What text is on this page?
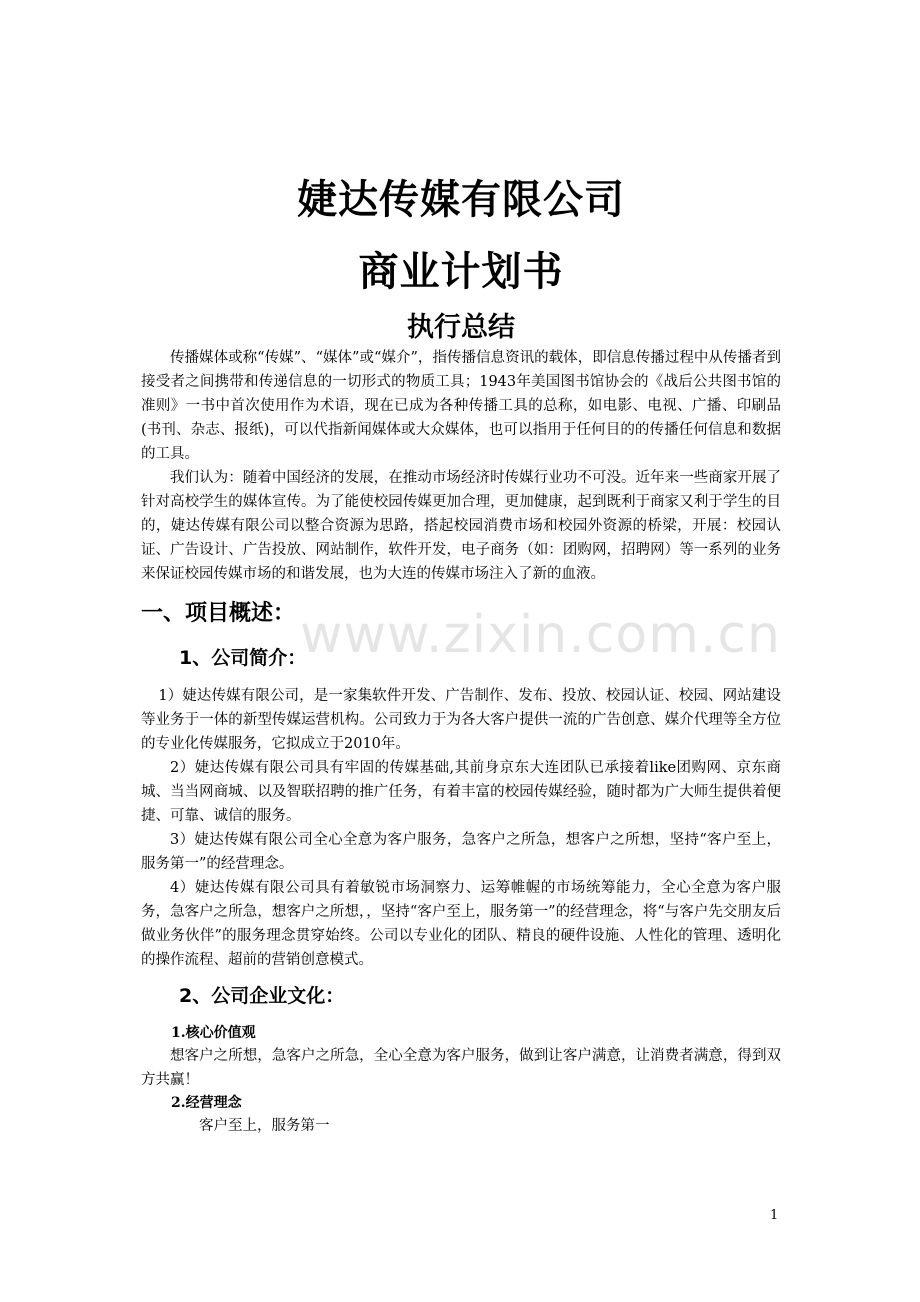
www.zixin.com.cn
婕达传媒有限公司
商业计划书
执行总结

传播媒体或称“传媒”、“媒体”或“媒介”，指传播信息资讯的载体，即信息传播过程中从传播者到接受者之间携带和传递信息的一切形式的物质工具；1943年美国图书馆协会的《战后公共图书馆的准则》一书中首次使用作为术语，现在已成为各种传播工具的总称，如电影、电视、广播、印刷品(书刊、杂志、报纸)，可以代指新闻媒体或大众媒体，也可以指用于任何目的的传播任何信息和数据的工具。

我们认为：随着中国经济的发展，在推动市场经济时传媒行业功不可没。近年来一些商家开展了针对高校学生的媒体宣传。为了能使校园传媒更加合理，更加健康，起到既利于商家又利于学生的目的，婕达传媒有限公司以整合资源为思路，搭起校园消费市场和校园外资源的桥梁，开展：校园认证、广告设计、广告投放、网站制作，软件开发，电子商务（如：团购网，招聘网）等一系列的业务来保证校园传媒市场的和谐发展，也为大连的传媒市场注入了新的血液。

一、项目概述：
1、公司简介：

1）婕达传媒有限公司，是一家集软件开发、广告制作、发布、投放、校园认证、校园、网站建设等业务于一体的新型传媒运营机构。公司致力于为各大客户提供一流的广告创意、媒介代理等全方位的专业化传媒服务，它拟成立于2010年。

2）婕达传媒有限公司具有牢固的传媒基础,其前身京东大连团队已承接着like团购网、京东商城、当当网商城、以及智联招聘的推广任务，有着丰富的校园传媒经验，随时都为广大师生提供着便捷、可靠、诚信的服务。

3）婕达传媒有限公司全心全意为客户服务，急客户之所急，想客户之所想，坚持“客户至上，服务第一”的经营理念。

4）婕达传媒有限公司具有着敏锐市场洞察力、运筹帷幄的市场统筹能力，全心全意为客户服务，急客户之所急，想客户之所想，，坚持“客户至上，服务第一”的经营理念，将“与客户先交朋友后做业务伙伴”的服务理念贯穿始终。公司以专业化的团队、精良的硬件设施、人性化的管理、透明化的操作流程、超前的营销创意模式。

2、公司企业文化：
1.核心价值观

想客户之所想，急客户之所急，全心全意为客户服务，做到让客户满意，让消费者满意，得到双方共赢！

2.经营理念

客户至上，服务第一

1
